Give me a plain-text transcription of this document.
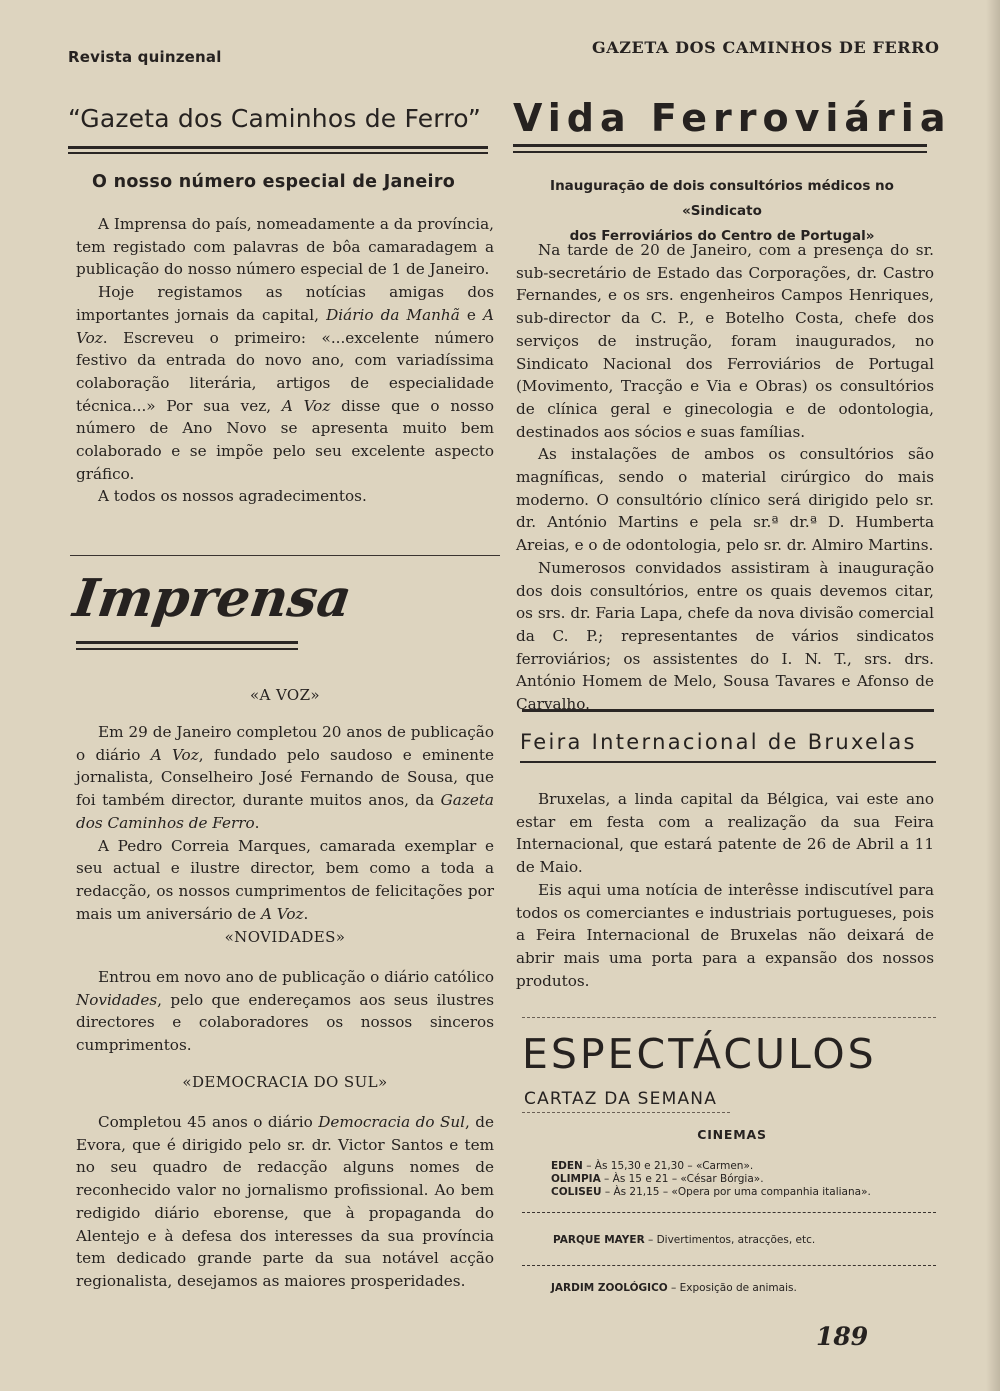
Revista quinzenal	GAZETA DOS CAMINHOS DE FERRO
“Gazeta dos Caminhos de Ferro”
O nosso número especial de Janeiro

A Imprensa do país, nomeadamente a da província, tem registado com palavras de bôa camaradagem a publicação do nosso número especial de 1 de Janeiro.

Hoje registamos as notícias amigas dos importantes jornais da capital, Diário da Manhã e A Voz. Escreveu o primeiro: «...excelente número festivo da entrada do novo ano, com variadíssima colaboração literária, artigos de especialidade técnica...» Por sua vez, A Voz disse que o nosso número de Ano Novo se apresenta muito bem colaborado e se impõe pelo seu excelente aspecto gráfico.

A todos os nossos agradecimentos.

Imprensa
«A VOZ»

Em 29 de Janeiro completou 20 anos de publicação o diário A Voz, fundado pelo saudoso e eminente jornalista, Conselheiro José Fernando de Sousa, que foi também director, durante muitos anos, da Gazeta dos Caminhos de Ferro.

A Pedro Correia Marques, camarada exemplar e seu actual e ilustre director, bem como a toda a redacção, os nossos cumprimentos de felicitações por mais um aniversário de A Voz.

«NOVIDADES»

Entrou em novo ano de publicação o diário católico Novidades, pelo que endereçamos aos seus ilustres directores e colaboradores os nossos sinceros cumprimentos.

«DEMOCRACIA DO SUL»

Completou 45 anos o diário Democracia do Sul, de Evora, que é dirigido pelo sr. dr. Victor Santos e tem no seu quadro de redacção alguns nomes de reconhecido valor no jornalismo profissional. Ao bem redigido diário eborense, que à propaganda do Alentejo e à defesa dos interesses da sua província tem dedicado grande parte da sua notável acção regionalista, desejamos as maiores prosperidades.

Vida Ferroviária
Inauguração de dois consultórios médicos no «Sindicato
dos Ferroviários do Centro de Portugal»

Na tarde de 20 de Janeiro, com a presença do sr. sub-secretário de Estado das Corporações, dr. Castro Fernandes, e os srs. engenheiros Campos Henriques, sub-director da C. P., e Botelho Costa, chefe dos serviços de instrução, foram inaugurados, no Sindicato Nacional dos Ferroviários de Portugal (Movimento, Tracção e Via e Obras) os consultórios de clínica geral e ginecologia e de odontologia, destinados aos sócios e suas famílias.

As instalações de ambos os consultórios são magníficas, sendo o material cirúrgico do mais moderno. O consultório clínico será dirigido pelo sr. dr. António Martins e pela sr.ª dr.ª D. Humberta Areias, e o de odontologia, pelo sr. dr. Almiro Martins.

Numerosos convidados assistiram à inauguração dos dois consultórios, entre os quais devemos citar, os srs. dr. Faria Lapa, chefe da nova divisão comercial da C. P.; representantes de vários sindicatos ferroviários; os assistentes do I. N. T., srs. drs. António Homem de Melo, Sousa Tavares e Afonso de Carvalho.

Feira Internacional de Bruxelas

Bruxelas, a linda capital da Bélgica, vai este ano estar em festa com a realização da sua Feira Internacional, que estará patente de 26 de Abril a 11 de Maio.

Eis aqui uma notícia de interêsse indiscutível para todos os comerciantes e industriais portugueses, pois a Feira Internacional de Bruxelas não deixará de abrir mais uma porta para a expansão dos nossos produtos.

ESPECTÁCULOS
CARTAZ DA SEMANA
CINEMAS
EDEN – Às 15,30 e 21,30 – «Carmen».
OLIMPIA – Às 15 e 21 – «César Bórgia».
COLISEU – Às 21,15 – «Opera por uma companhia italiana».
PARQUE MAYER – Divertimentos, atracções, etc.
JARDIM ZOOLÓGICO – Exposição de animais.
189
